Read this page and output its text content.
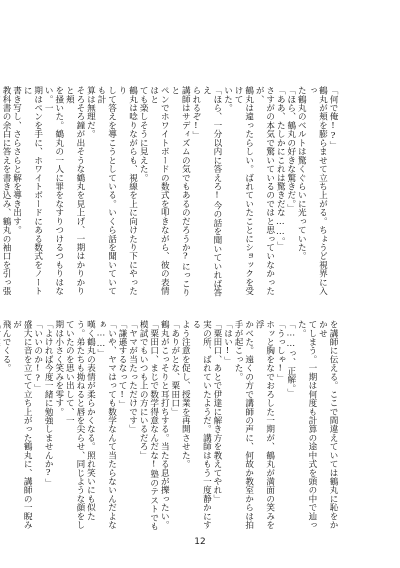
「何で俺!?」
鶴丸が頬を膨らませて立ち上がる。ちょうど視界に入っ
た鶴丸のベルトは驚くぐらいに光っていた。
「ほら、鶴丸の好きな驚きだ。」
「ああ、たしかにこれは驚きだな……。」
さすがの本気で驚いているのではと思っていなかったが、
鶴丸は違ったらしい。ばれていたことにショックを受けて
いた。
「ほら、一分以内に答えろ!今の話を聞いていれば答え
られるぞ!」
講師はサディズムの気でもあるのだろうか?にっこりと
ペンでホワイトボードの数式を叩きながら、彼の表情はと
ても楽しそうに見えた。
鶴丸は唸りながらも、視線を上に向けたり下にやったり
して答えを導こうとしている。いくら話を聞いていても計
算は無理だ。
そろそろ鐘が出そうな鶴丸を見上げ、一期はかりかりと頬
を掻いた。鶴丸の一人に罪をなすりつけるつもりはない。一
期はペンを手に、ホワイトボードにある数式をノートに
書き写し、さらさらと解を導き出す。
教科書の余白に答えを書き込み、鶴丸の袖口を引っ張
を講師に伝える。ここで間違えていては鶴丸に恥をかかせ
てしまう。一期は何度も計算の途中式を頭の中で辿った。
「……っ、正解。」
「うっしゃ!」
ホッと胸をなでおろした一期が、鶴丸が満面の笑みを浮
かべた。遠くの方で講師の声に、何故か教室からは拍手が起こった。
「はい!」
「粟田口、あとで伊達に解き方を教えてやれ」
実の所、ばれていたようだ。講師はもう一度静かにする
よう注意を促し、授業を再開させた。
「ありがとな、粟田口」
鶴丸がこっそりと耳打ちする。当たる息が擽ったい。
「粟田口、まじで数学得意なんだな!塾のテストでも
模試でもいつも上の方にいるだろ」
「ヤマが当たっただけです」
「謙遜するなって!」
「いや、ヤマはっても数学なんて当たらないんだよなぁ……」
嘆く鶴丸の表情が柔らかくなる。照れ笑いにも似た
う。弟たちも拗ねると唇を尖らせ、同じような顔をしていたのを思い出して、一
期は小さく笑みを零す。
「よければ今度一緒に勉強しませんか?」
「いいのか!?」
盛大に音を立てて立ち上がった鶴丸に、講師の一睨みが
飛んでくる。
12
